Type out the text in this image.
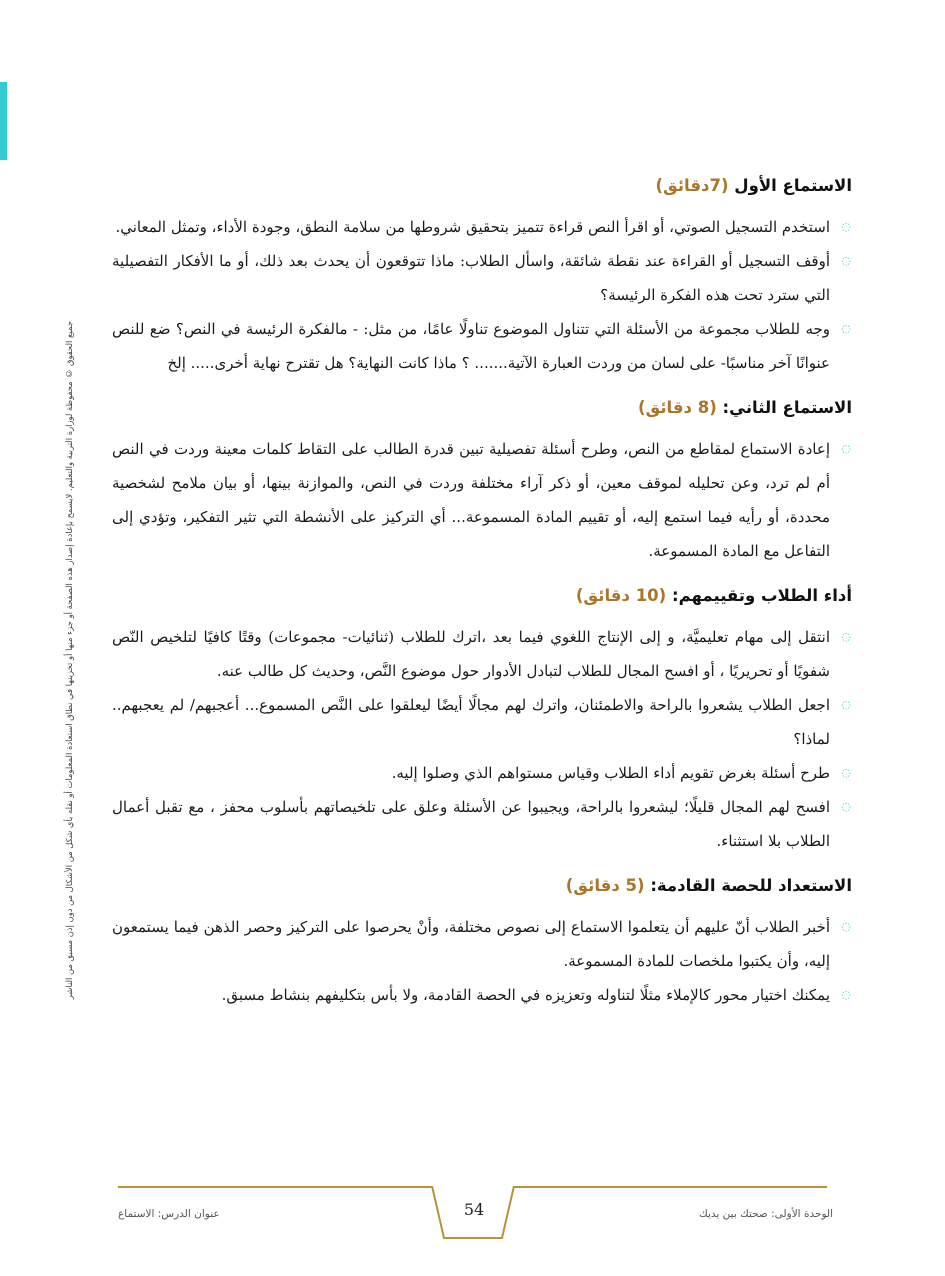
جميع الحقوق © محفوظة لوزارة التربية والتعليم. لايسمح بإعادة إصدار هذه الصفحة أو جزء منها أو تخزينها في نطاق استعادة المعلومات أو نقله بأي شكل من الأشكال من دون إذن مسبق من الناشر
الاستماع الأول (7دقائق)
◌
استخدم التسجيل الصوتي، أو اقرأ النص قراءة تتميز بتحقيق شروطها من سلامة النطق، وجودة الأداء، وتمثل المعاني.
◌
أوقف التسجيل أو القراءة عند نقطة شائقة، واسأل الطلاب: ماذا تتوقعون أن يحدث بعد ذلك، أو ما الأفكار التفصيلية التي سترد تحت هذه الفكرة الرئيسة؟
◌
وجه للطلاب مجموعة من الأسئلة التي تتناول الموضوع تناولًا عامًا، من مثل: - مالفكرة الرئيسة في النص؟ ضع للنص عنوانًا آخر مناسبًا- على لسان من وردت العبارة الآتية....... ؟ ماذا كانت النهاية؟ هل تقترح نهاية أخرى..... إلخ
الاستماع الثاني: (8 دقائق)
◌
إعادة الاستماع لمقاطع من النص، وطرح أسئلة تفصيلية تبين قدرة الطالب على التقاط كلمات معينة وردت في النص أم لم ترد، وعن تحليله لموقف معين، أو ذكر آراء مختلفة وردت في النص، والموازنة بينها، أو بيان ملامح لشخصية محددة، أو رأيه فيما استمع إليه، أو تقييم المادة المسموعة... أي التركيز على الأنشطة التي تثير التفكير، وتؤدي إلى التفاعل مع المادة المسموعة.
أداء الطلاب وتقييمهم: (10 دقائق)
◌
انتقل إلى مهام تعليميَّة، و إلى الإنتاج اللغوي فيما بعد ،اترك للطلاب (ثنائيات- مجموعات) وقتًا كافيًا لتلخيص النّص شفويًا أو تحريريًا ، أو افسح المجال للطلاب لتبادل الأدوار حول موضوع النَّص، وحديث كل طالب عنه.
◌
اجعل الطلاب يشعروا بالراحة والاطمئنان، واترك لهم مجالًا أيضًا ليعلقوا على النَّص المسموع... أعجبهم/ لم يعجبهم.. لماذا؟
◌
طرح أسئلة بغرض تقويم أداء الطلاب وقياس مستواهم الذي وصلوا إليه.
◌
افسح لهم المجال قليلًا؛ ليشعروا بالراحة، ويجيبوا عن الأسئلة وعلق على تلخيصاتهم بأسلوب محفز ، مع تقبل أعمال الطلاب بلا استثناء.
الاستعداد للحصة القادمة: (5 دقائق)
◌
أخبر الطلاب أنّ عليهم أن يتعلموا الاستماع إلى نصوص مختلفة، وأنْ يحرصوا على التركيز وحصر الذهن فيما يستمعون إليه، وأن يكتبوا ملخصات للمادة المسموعة.
◌
يمكنك اختيار محور كالإملاء مثلًا لتناوله وتعزيزه في الحصة القادمة، ولا بأس بتكليفهم بنشاط مسبق.
54
عنوان الدرس: الاستماع	الوحدة الأولى: صحتك بين يديك
